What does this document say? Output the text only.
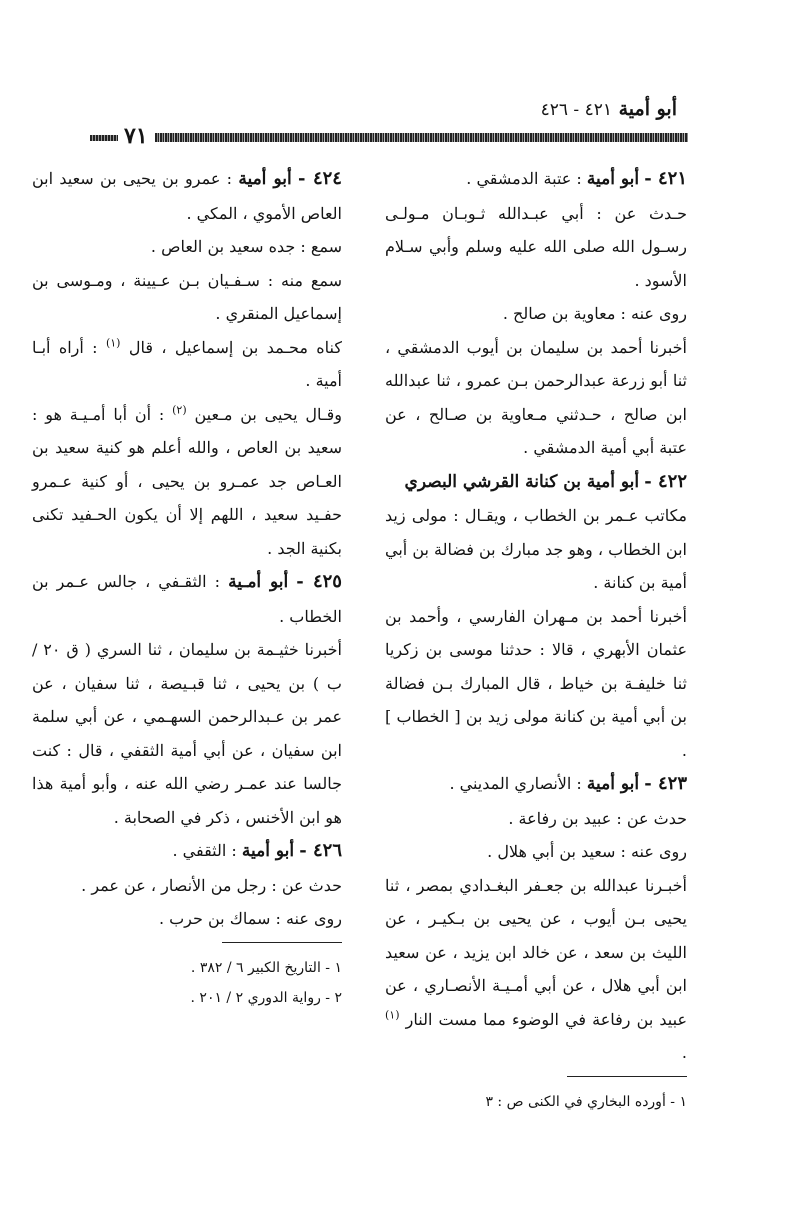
أبو أمية ٤٢١ - ٤٢٦
٧١

٤٢١ - أبو أمية : عتبة الدمشقي .

حـدث عن : أبي عبـدالله ثـوبـان مـولـى رسـول الله صلى الله عليه وسلم وأبي سـلام الأسود .

روى عنه : معاوية بن صالح .

أخبرنا أحمد بن سليمان بن أيوب الدمشقي ، ثنا أبو زرعة عبدالرحمن بـن عمرو ، ثنا عبدالله ابن صالح ، حـدثني مـعاوية بن صـالح ، عن عتبة أبي أمية الدمشقي .

٤٢٢ - أبو أمية بن كنانة القرشي البصري

مكاتب عـمر بن الخطاب ، ويقـال : مولى زيد ابن الخطاب ، وهو جد مبارك بن فضالة بن أبي أمية بن كنانة .

أخبرنا أحمد بن مـهران الفارسي ، وأحمد بن عثمان الأبهري ، قالا : حدثنا موسى بن زكريا ثنا خليفـة بن خياط ، قال المبارك بـن فضالة بن أبي أمية بن كنانة مولى زيد بن [ الخطاب ] .

٤٢٣ - أبو أمية : الأنصاري المديني .

حدث عن : عبيد بن رفاعة .

روى عنه : سعيد بن أبي هلال .

أخبـرنا عبدالله بن جعـفر البغـدادي بمصر ، ثنا يحيى بـن أيوب ، عن يحيى بن بـكيـر ، عن الليث بن سعد ، عن خالد ابن يزيد ، عن سعيد ابن أبي هلال ، عن أبي أمـيـة الأنصـاري ، عن عبيد بن رفاعة في الوضوء مما مست النار $^{(١)}$ .

١ - أورده البخاري في الكنى ص : ٣

٤٢٤ - أبو أمية : عمرو بن يحيى بن سعيد ابن العاص الأموي ، المكي .

سمع : جده سعيد بن العاص .

سمع منه : سـفـيان بـن عـيينة ، ومـوسى بن إسماعيل المنقري .

كناه محـمد بن إسماعيل ، قال $^{(١)}$ : أراه أبـا أمية .

وقـال يحيى بن مـعين $^{(٢)}$ : أن أبا أمـيـة هو : سعيد بن العاص ، والله أعلم هو كنية سعيد بن العـاص جد عمـرو بن يحيى ، أو كنية عـمرو حفـيد سعيد ، اللهم إلا أن يكون الحـفيد تكنى بكنية الجد .

٤٢٥ - أبو أمـية : الثقـفي ، جالس عـمر بن الخطاب .

أخبرنا خثيـمة بن سليمان ، ثنا السري ( ق ٢٠ / ب ) بن يحيى ، ثنا قبـيصة ، ثنا سفيان ، عن عمر بن عـبدالرحمن السهـمي ، عن أبي سلمة ابن سفيان ، عن أبي أمية الثقفي ، قال : كنت جالسا عند عمـر رضي الله عنه ، وأبو أمية هذا هو ابن الأخنس ، ذكر في الصحابة .

٤٢٦ - أبو أمية : الثقفي .

حدث عن : رجل من الأنصار ، عن عمر .

روى عنه : سماك بن حرب .

١ - التاريخ الكبير ٦ / ٣٨٢ .

٢ - رواية الدوري ٢ / ٢٠١ .
